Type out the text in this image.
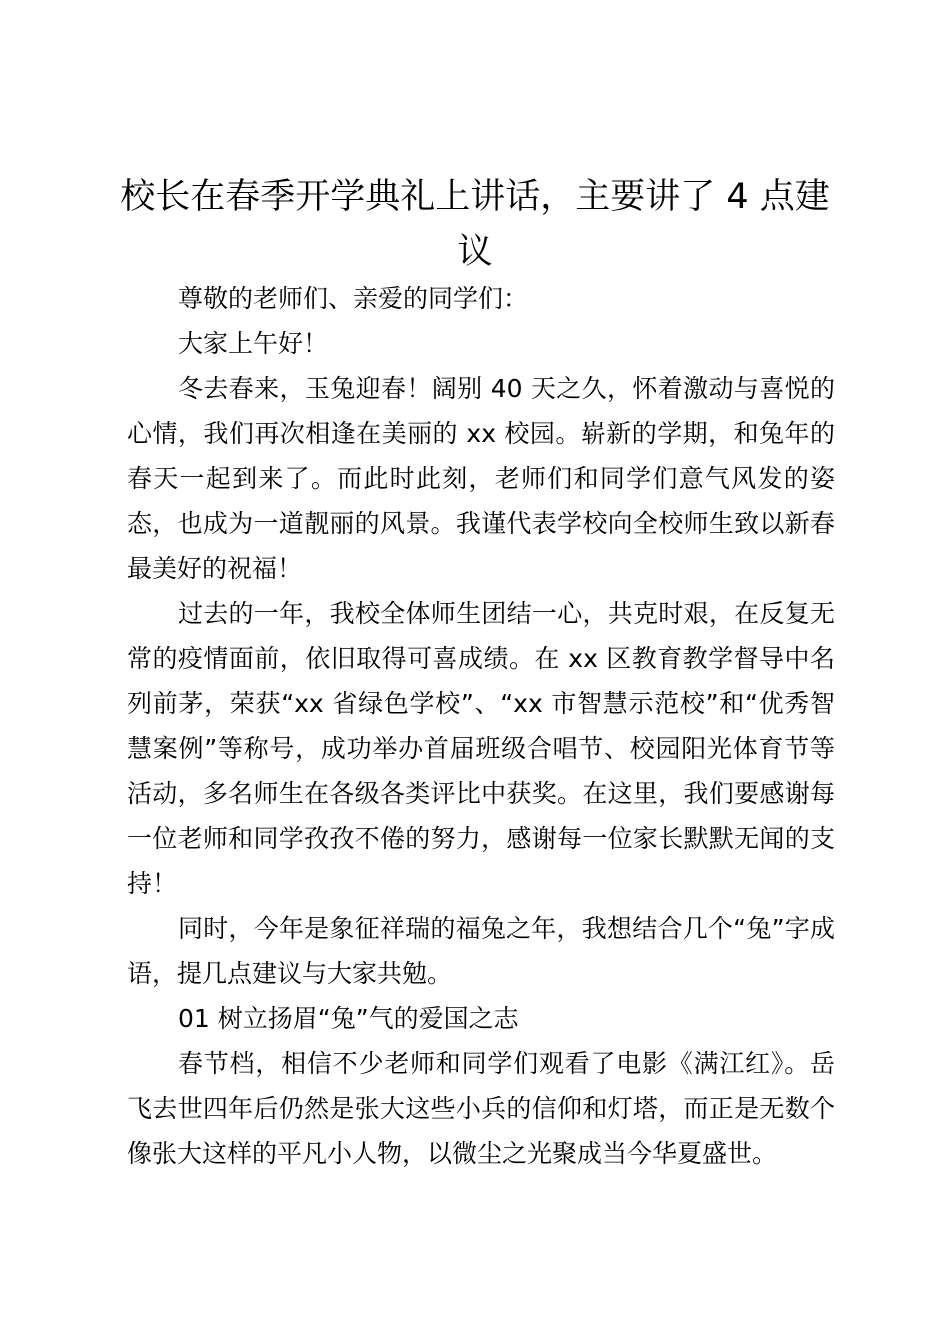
校长在春季开学典礼上讲话，主要讲了 4 点建议

尊敬的老师们、亲爱的同学们：

大家上午好！

冬去春来，玉兔迎春！阔别 40 天之久，怀着激动与喜悦的心情，我们再次相逢在美丽的 xx 校园。崭新的学期，和兔年的春天一起到来了。而此时此刻，老师们和同学们意气风发的姿态，也成为一道靓丽的风景。我谨代表学校向全校师生致以新春最美好的祝福！

过去的一年，我校全体师生团结一心，共克时艰，在反复无常的疫情面前，依旧取得可喜成绩。在 xx 区教育教学督导中名列前茅，荣获“xx 省绿色学校”、“xx 市智慧示范校”和“优秀智慧案例”等称号，成功举办首届班级合唱节、校园阳光体育节等活动，多名师生在各级各类评比中获奖。在这里，我们要感谢每一位老师和同学孜孜不倦的努力，感谢每一位家长默默无闻的支持！

同时，今年是象征祥瑞的福兔之年，我想结合几个“兔”字成语，提几点建议与大家共勉。

01 树立扬眉“兔”气的爱国之志

春节档，相信不少老师和同学们观看了电影《满江红》。岳飞去世四年后仍然是张大这些小兵的信仰和灯塔，而正是无数个像张大这样的平凡小人物，以微尘之光聚成当今华夏盛世。
